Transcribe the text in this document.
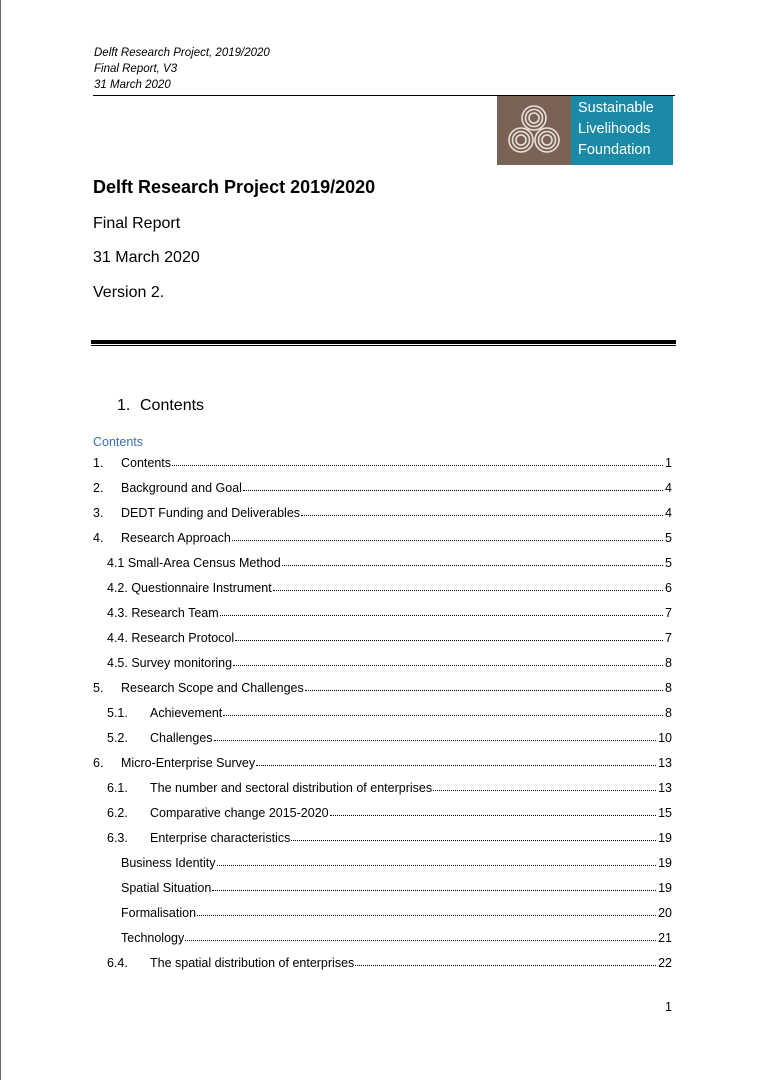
Delft Research Project, 2019/2020
Final Report, V3
31 March 2020
Sustainable
Livelihoods
Foundation
Delft Research Project 2019/2020
Final Report
31 March 2020
Version 2.
1. Contents
Contents
1.	Contents	1
2.	Background and Goal	4
3.	DEDT Funding and Deliverables	4
4.	Research Approach	5
4.1 Small-Area Census Method	5
4.2. Questionnaire Instrument	6
4.3. Research Team	7
4.4. Research Protocol	7
4.5. Survey monitoring	8
5.	Research Scope and Challenges	8
5.1.	Achievement	8
5.2.	Challenges	10
6.	Micro-Enterprise Survey	13
6.1.	The number and sectoral distribution of enterprises	13
6.2.	Comparative change 2015-2020	15
6.3.	Enterprise characteristics	19
Business Identity	19
Spatial Situation	19
Formalisation	20
Technology	21
6.4.	The spatial distribution of enterprises	22
1
